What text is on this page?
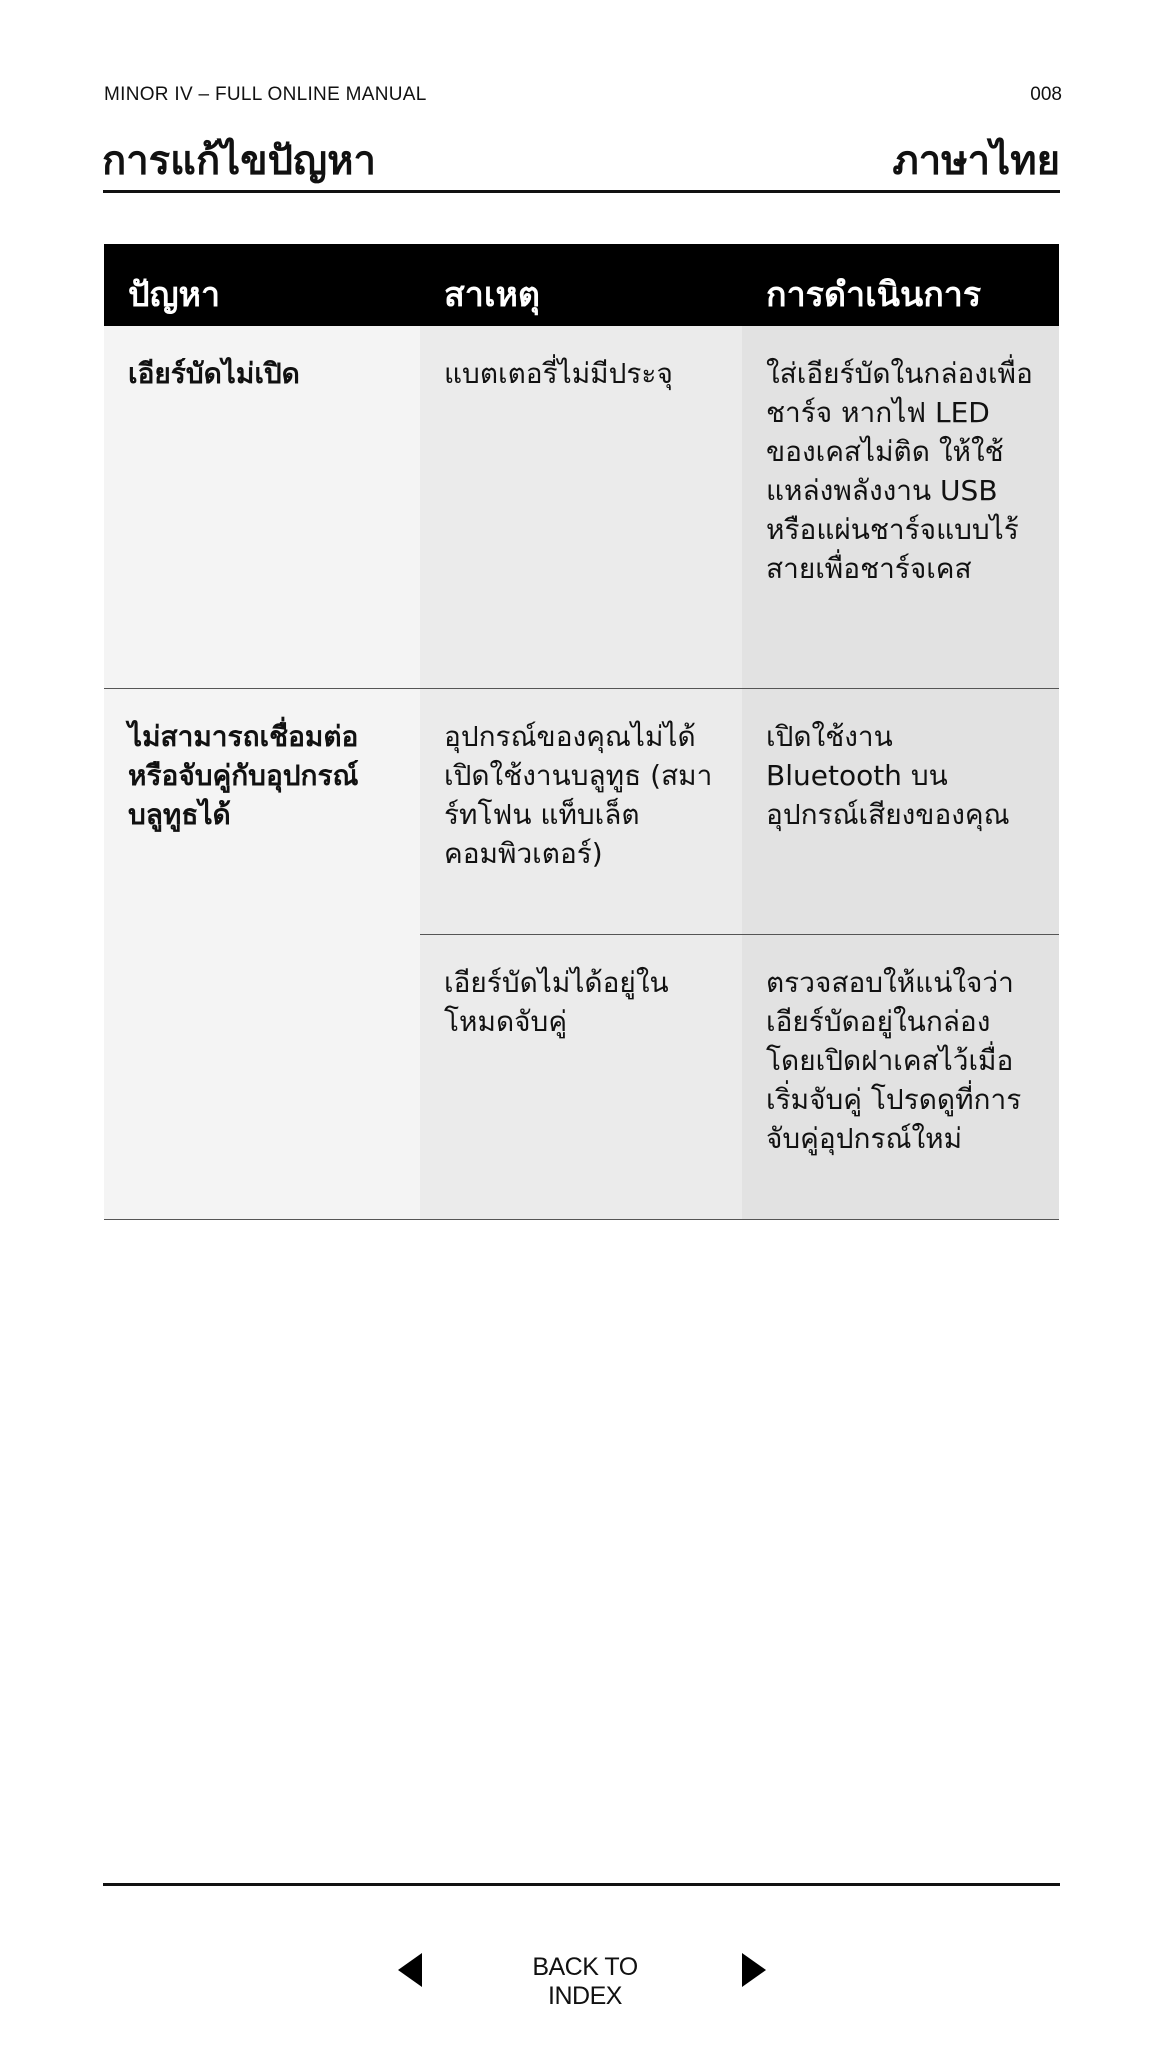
MINOR IV – FULL ONLINE MANUAL	008
การแก้ไขปัญหา	ภาษาไทย
ปัญหา	สาเหตุ	การดำเนินการ
เอียร์บัดไม่เปิด	แบตเตอรี่ไม่มีประจุ	ใส่เอียร์บัดในกล่องเพื่อชาร์จ หากไฟ LED ของเคสไม่ติด ให้ใช้แหล่งพลังงาน USB หรือแผ่นชาร์จแบบไร้สายเพื่อชาร์จเคส
ไม่สามารถเชื่อมต่อหรือจับคู่กับอุปกรณ์บลูทูธได้	อุปกรณ์ของคุณไม่ได้เปิดใช้งานบลูทูธ (สมาร์ทโฟน แท็บเล็ต คอมพิวเตอร์)	เปิดใช้งาน Bluetooth บนอุปกรณ์เสียงของคุณ
	เอียร์บัดไม่ได้อยู่ในโหมดจับคู่	ตรวจสอบให้แน่ใจว่าเอียร์บัดอยู่ในกล่องโดยเปิดฝาเคสไว้เมื่อเริ่มจับคู่ โปรดดูที่การจับคู่อุปกรณ์ใหม่
BACK TO INDEX
